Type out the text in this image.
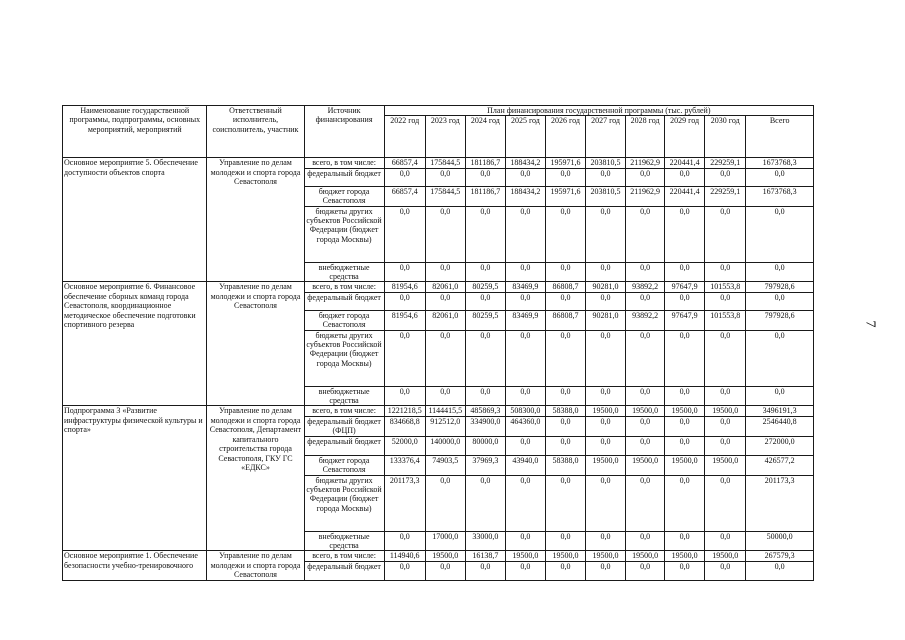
Наименование государственной программы, подпрограммы, основных мероприятий, мероприятий	Ответственный исполнитель, соисполнитель, участник	Источник финансирования	План финансирования государственной программы (тыс. рублей)									
			2022 год	2023 год	2024 год	2025 год	2026 год	2027 год	2028 год	2029 год	2030 год	Всего
Основное мероприятие 5. Обеспечение доступности объектов спорта	Управление по делам молодежи и спорта города Севастополя	всего, в том числе:	66857,4	175844,5	181186,7	188434,2	195971,6	203810,5	211962,9	220441,4	229259,1	1673768,3
		федеральный бюджет	0,0	0,0	0,0	0,0	0,0	0,0	0,0	0,0	0,0	0,0
		бюджет города Севастополя	66857,4	175844,5	181186,7	188434,2	195971,6	203810,5	211962,9	220441,4	229259,1	1673768,3
		бюджеты других субъектов Российской Федерации (бюджет города Москвы)	0,0	0,0	0,0	0,0	0,0	0,0	0,0	0,0	0,0	0,0
		внебюджетные средства	0,0	0,0	0,0	0,0	0,0	0,0	0,0	0,0	0,0	0,0
Основное мероприятие 6. Финансовое обеспечение сборных команд города Севастополя, координационное методическое обеспечение подготовки спортивного резерва	Управление по делам молодежи и спорта города Севастополя	всего, в том числе:	81954,6	82061,0	80259,5	83469,9	86808,7	90281,0	93892,2	97647,9	101553,8	797928,6
		федеральный бюджет	0,0	0,0	0,0	0,0	0,0	0,0	0,0	0,0	0,0	0,0
		бюджет города Севастополя	81954,6	82061,0	80259,5	83469,9	86808,7	90281,0	93892,2	97647,9	101553,8	797928,6
		бюджеты других субъектов Российской Федерации (бюджет города Москвы)	0,0	0,0	0,0	0,0	0,0	0,0	0,0	0,0	0,0	0,0
		внебюджетные средства	0,0	0,0	0,0	0,0	0,0	0,0	0,0	0,0	0,0	0,0
Подпрограмма 3 «Развитие инфраструктуры физической культуры и спорта»	Управление по делам молодежи и спорта города Севастополя, Департамент капитального строительства города Севастополя, ГКУ ГС «ЕДКС»	всего, в том числе:	1221218,5	1144415,5	485869,3	508300,0	58388,0	19500,0	19500,0	19500,0	19500,0	3496191,3
		федеральный бюджет (ФЦП)	834668,8	912512,0	334900,0	464360,0	0,0	0,0	0,0	0,0	0,0	2546440,8
		федеральный бюджет	52000,0	140000,0	80000,0	0,0	0,0	0,0	0,0	0,0	0,0	272000,0
		бюджет города Севастополя	133376,4	74903,5	37969,3	43940,0	58388,0	19500,0	19500,0	19500,0	19500,0	426577,2
		бюджеты других субъектов Российской Федерации (бюджет города Москвы)	201173,3	0,0	0,0	0,0	0,0	0,0	0,0	0,0	0,0	201173,3
		внебюджетные средства	0,0	17000,0	33000,0	0,0	0,0	0,0	0,0	0,0	0,0	50000,0
Основное мероприятие 1. Обеспечение безопасности учебно-тренировочного	Управление по делам молодежи и спорта города Севастополя	всего, в том числе:	114940,6	19500,0	16138,7	19500,0	19500,0	19500,0	19500,0	19500,0	19500,0	267579,3
		федеральный бюджет	0,0	0,0	0,0	0,0	0,0	0,0	0,0	0,0	0,0	0,0
7
